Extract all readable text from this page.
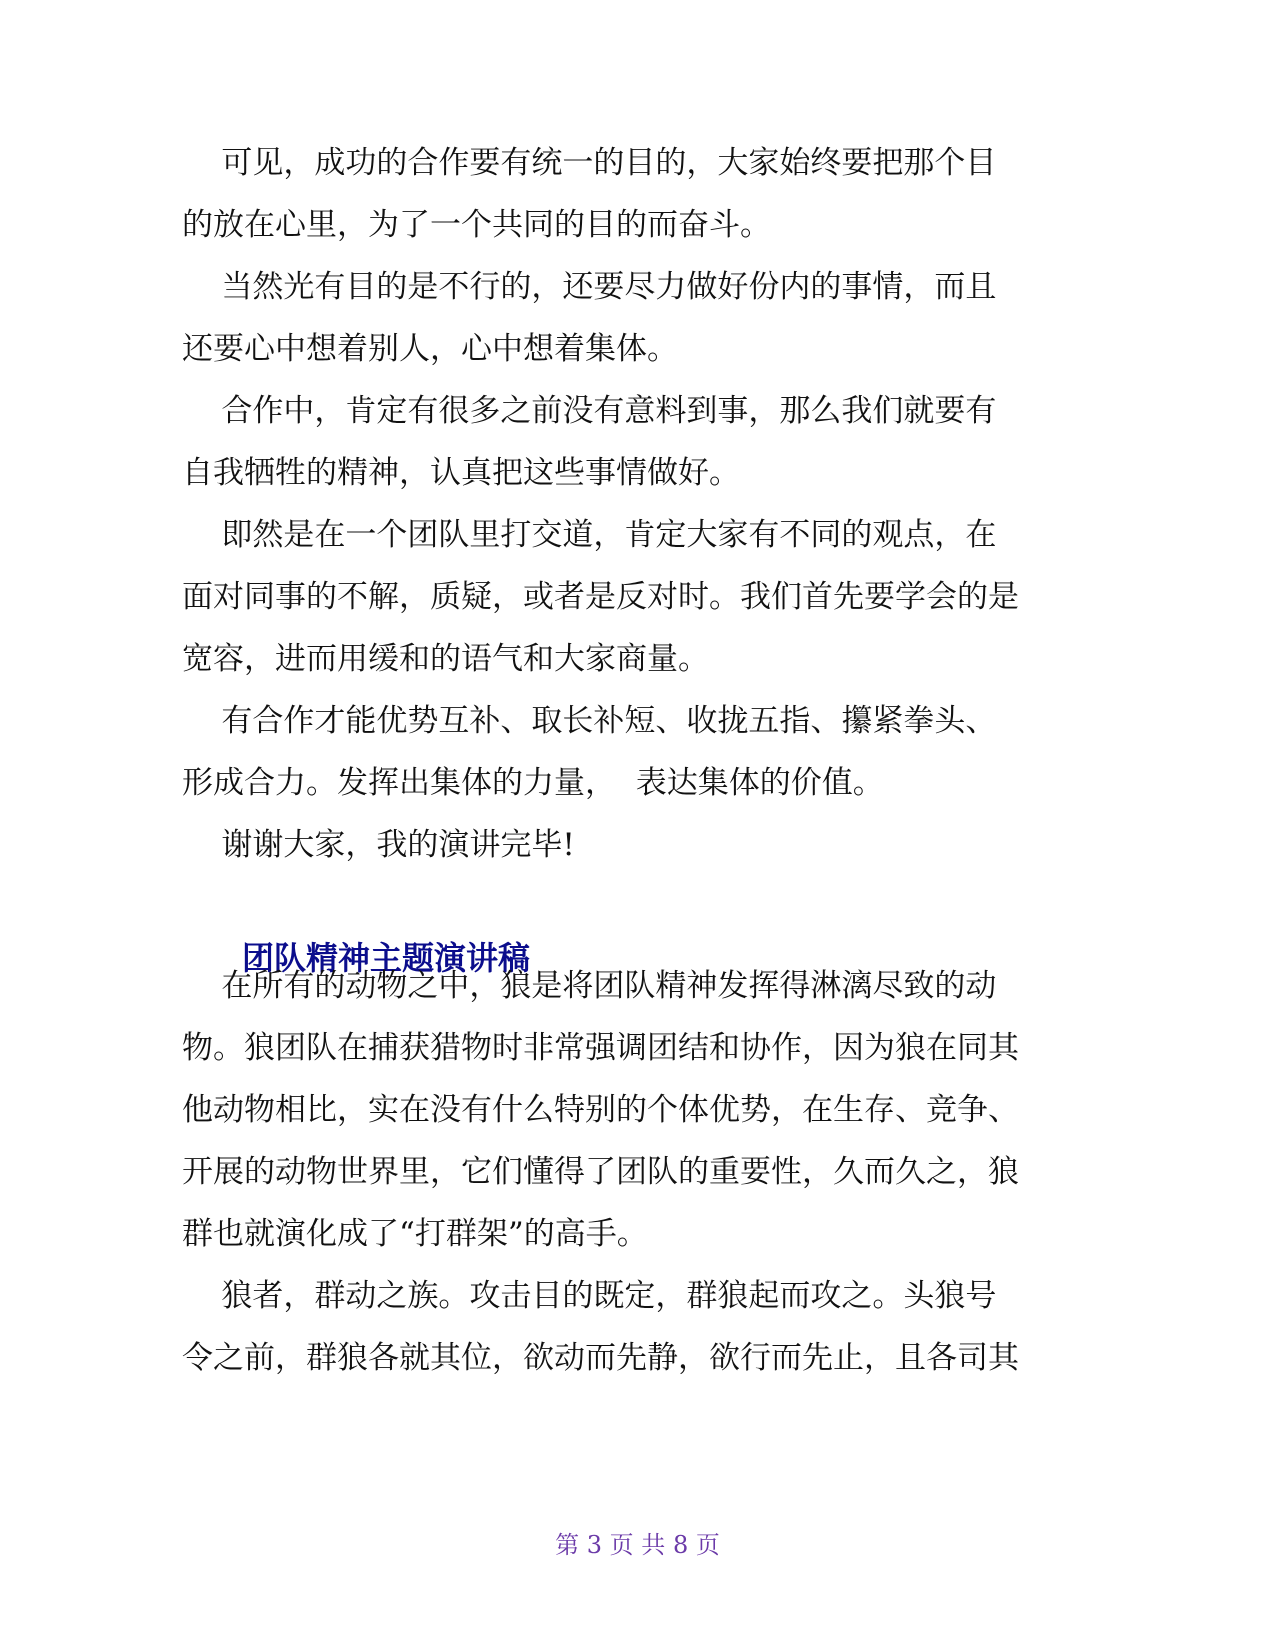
可见，成功的合作要有统一的目的，大家始终要把那个目
的放在心里，为了一个共同的目的而奋斗。
当然光有目的是不行的，还要尽力做好份内的事情，而且
还要心中想着别人，心中想着集体。
合作中，肯定有很多之前没有意料到事，那么我们就要有
自我牺牲的精神，认真把这些事情做好。
即然是在一个团队里打交道，肯定大家有不同的观点，在
面对同事的不解，质疑，或者是反对时。我们首先要学会的是
宽容，进而用缓和的语气和大家商量。
有合作才能优势互补、取长补短、收拢五指、攥紧拳头、
形成合力。发挥出集体的力量，  表达集体的价值。
谢谢大家，我的演讲完毕!
团队精神主题演讲稿
在所有的动物之中，狼是将团队精神发挥得淋漓尽致的动
物。狼团队在捕获猎物时非常强调团结和协作，因为狼在同其
他动物相比，实在没有什么特别的个体优势，在生存、竞争、
开展的动物世界里，它们懂得了团队的重要性，久而久之，狼
群也就演化成了“打群架”的高手。
狼者，群动之族。攻击目的既定，群狼起而攻之。头狼号
令之前，群狼各就其位，欲动而先静，欲行而先止，且各司其
第 3 页 共 8 页
